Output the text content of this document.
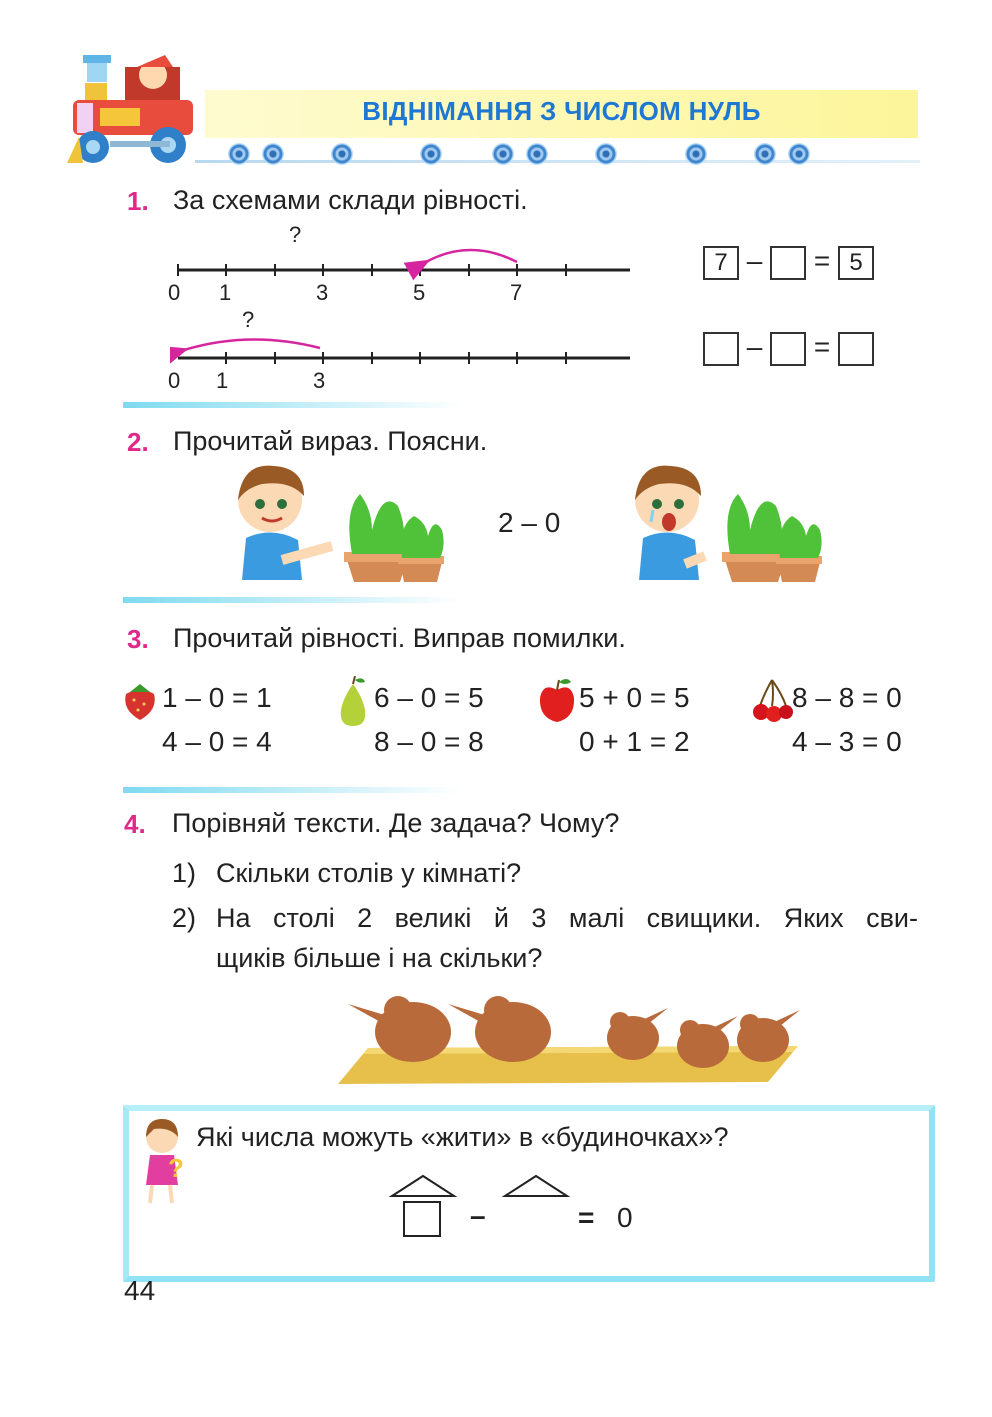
ВІДНІМАННЯ З ЧИСЛОМ НУЛЬ
1. За схемами склади рівності.
?
0 1	3	5	7
?
0 1	3
7 – = 5
– =
2. Прочитай вираз. Поясни.
2 – 0
3. Прочитай рівності. Виправ помилки.
1 – 0 = 1
4 – 0 = 4
6 – 0 = 5
8 – 0 = 8
5 + 0 = 5
0 + 1 = 2
8 – 8 = 0
4 – 3 = 0
4. Порівняй тексти. Де задача? Чому?
1) Скільки столів у кімнаті?
2) На столі 2 великі й 3 малі свищики. Яких сви-
щиків більше і на скільки?
?
Які числа можуть «жити» в «будиночках»?
–	= 0
44
